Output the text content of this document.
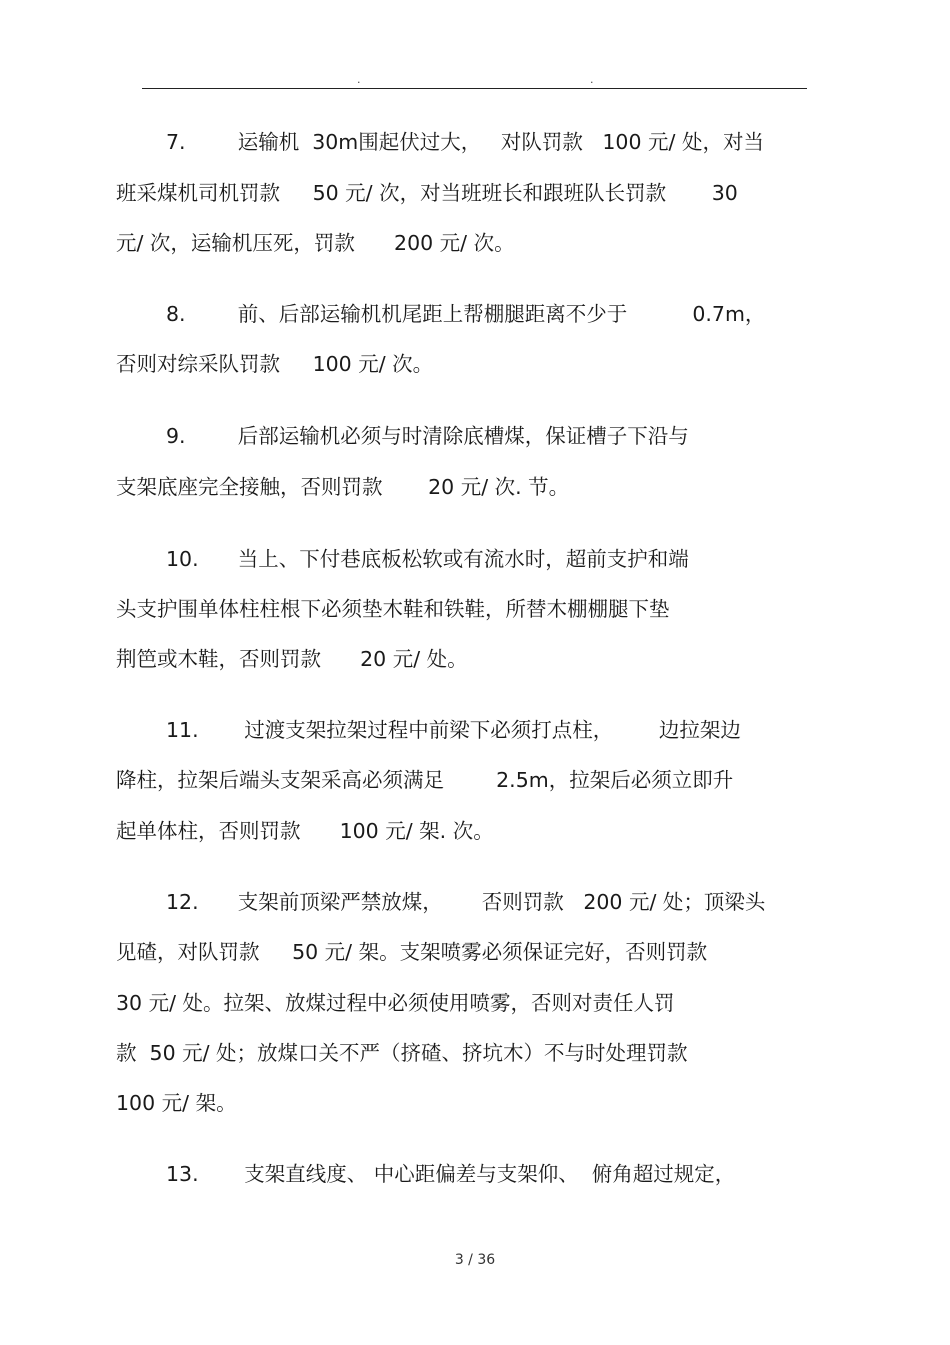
.	.
7.        运输机  30m围起伏过大，   对队罚款   100 元/ 处，对当
班采煤机司机罚款     50 元/ 次，对当班班长和跟班队长罚款       30
元/ 次，运输机压死，罚款      200 元/ 次。
8.        前、后部运输机机尾距上帮棚腿距离不少于          0.7m，
否则对综采队罚款     100 元/ 次。
9.        后部运输机必须与时清除底槽煤，保证槽子下沿与
支架底座完全接触，否则罚款       20 元/ 次. 节。
10.      当上、下付巷底板松软或有流水时，超前支护和端
头支护围单体柱柱根下必须垫木鞋和铁鞋，所替木棚棚腿下垫
荆笆或木鞋，否则罚款      20 元/ 处。
11.       过渡支架拉架过程中前梁下必须打点柱，       边拉架边
降柱，拉架后端头支架采高必须满足        2.5m，拉架后必须立即升
起单体柱，否则罚款      100 元/ 架. 次。
12.      支架前顶梁严禁放煤，      否则罚款   200 元/ 处；顶梁头
见碴，对队罚款     50 元/ 架。支架喷雾必须保证完好，否则罚款
30 元/ 处。拉架、放煤过程中必须使用喷雾，否则对责任人罚
款  50 元/ 处；放煤口关不严（挤碴、挤坑木）不与时处理罚款
100 元/ 架。
13.       支架直线度、 中心距偏差与支架仰、  俯角超过规定，
3 / 36
